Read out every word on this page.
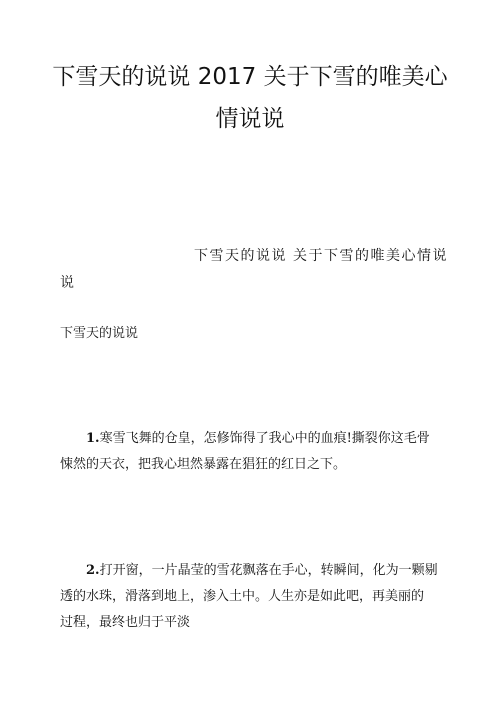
下雪天的说说 2017 关于下雪的唯美心
情说说
下雪天的说说 关于下雪的唯美心情说
说
下雪天的说说
1.寒雪飞舞的仓皇，怎修饰得了我心中的血痕!撕裂你这毛骨
悚然的天衣，把我心坦然暴露在猖狂的红日之下。
2.打开窗，一片晶莹的雪花飘落在手心，转瞬间，化为一颗剔
透的水珠，滑落到地上，渗入土中。人生亦是如此吧，再美丽的
过程，最终也归于平淡
